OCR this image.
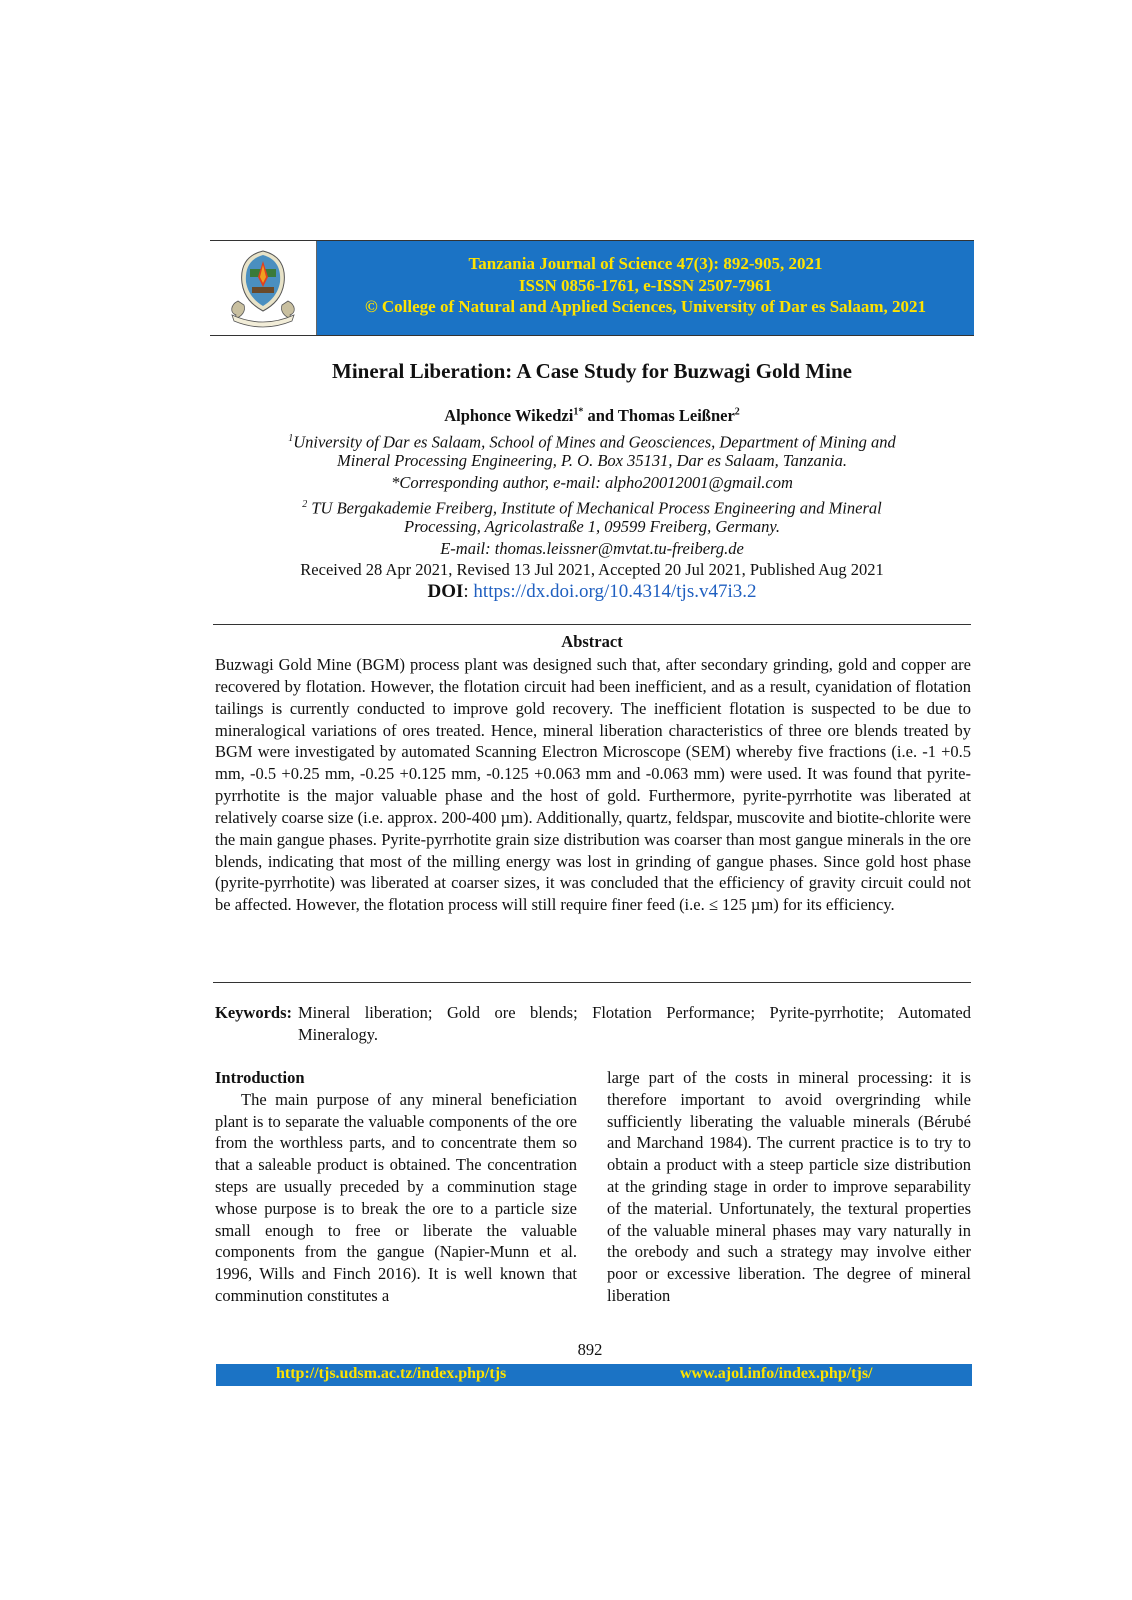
Tanzania Journal of Science 47(3): 892-905, 2021
ISSN 0856-1761, e-ISSN 2507-7961
© College of Natural and Applied Sciences, University of Dar es Salaam, 2021
Mineral Liberation: A Case Study for Buzwagi Gold Mine
Alphonce Wikedzi$^{1*}$ and Thomas Leißner$^2$
$^1$University of Dar es Salaam, School of Mines and Geosciences, Department of Mining and
Mineral Processing Engineering, P. O. Box 35131, Dar es Salaam, Tanzania.
*Corresponding author, e-mail: alpho20012001@gmail.com
$^2$ TU Bergakademie Freiberg, Institute of Mechanical Process Engineering and Mineral
Processing, Agricolastraße 1, 09599 Freiberg, Germany.
E-mail: thomas.leissner@mvtat.tu-freiberg.de
Received 28 Apr 2021, Revised 13 Jul 2021, Accepted 20 Jul 2021, Published Aug 2021
DOI: https://dx.doi.org/10.4314/tjs.v47i3.2
Abstract

Buzwagi Gold Mine (BGM) process plant was designed such that, after secondary grinding, gold and copper are recovered by flotation. However, the flotation circuit had been inefficient, and as a result, cyanidation of flotation tailings is currently conducted to improve gold recovery. The inefficient flotation is suspected to be due to mineralogical variations of ores treated. Hence, mineral liberation characteristics of three ore blends treated by BGM were investigated by automated Scanning Electron Microscope (SEM) whereby five fractions (i.e. -1 +0.5 mm, -0.5 +0.25 mm, -0.25 +0.125 mm, -0.125 +0.063 mm and -0.063 mm) were used. It was found that pyrite-pyrrhotite is the major valuable phase and the host of gold. Furthermore, pyrite-pyrrhotite was liberated at relatively coarse size (i.e. approx. 200-400 µm). Additionally, quartz, feldspar, muscovite and biotite-chlorite were the main gangue phases. Pyrite-pyrrhotite grain size distribution was coarser than most gangue minerals in the ore blends, indicating that most of the milling energy was lost in grinding of gangue phases. Since gold host phase (pyrite-pyrrhotite) was liberated at coarser sizes, it was concluded that the efficiency of gravity circuit could not be affected. However, the flotation process will still require finer feed (i.e. ≤ 125 µm) for its efficiency.

Keywords: Mineral liberation; Gold ore blends; Flotation Performance; Pyrite-pyrrhotite; Automated Mineralogy.
Introduction

The main purpose of any mineral beneficiation plant is to separate the valuable components of the ore from the worthless parts, and to concentrate them so that a saleable product is obtained. The concentration steps are usually preceded by a comminution stage whose purpose is to break the ore to a particle size small enough to free or liberate the valuable components from the gangue (Napier-Munn et al. 1996, Wills and Finch 2016). It is well known that comminution constitutes a

large part of the costs in mineral processing: it is therefore important to avoid overgrinding while sufficiently liberating the valuable minerals (Bérubé and Marchand 1984). The current practice is to try to obtain a product with a steep particle size distribution at the grinding stage in order to improve separability of the material. Unfortunately, the textural properties of the valuable mineral phases may vary naturally in the orebody and such a strategy may involve either poor or excessive liberation. The degree of mineral liberation

892
http://tjs.udsm.ac.tz/index.php/tjs	www.ajol.info/index.php/tjs/
